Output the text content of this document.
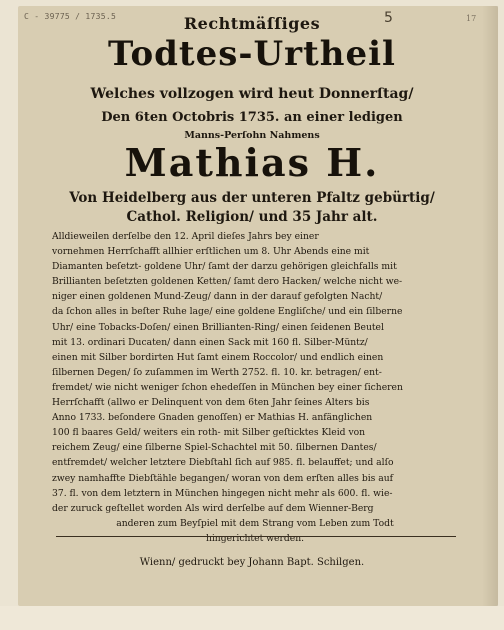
C - 39775 / 1735.5	5	17
Rechtmäſſiges
Todtes-Urtheil
Welches vollzogen wird heut Donnerſtag/
Den 6ten Octobris 1735. an einer ledigen
Manns-Perſohn Nahmens
Mathias H.
Von Heidelberg aus der unteren Pfaltz gebürtig/
Cathol. Religion/ und 35 Jahr alt.
Alldieweilen derſelbe den 12. April dieſes Jahrs bey einer
vornehmen Herrſchafft allhier erſtlichen um 8. Uhr Abends eine mit
Diamanten beſetzt- goldene Uhr/ ſamt der darzu gehörigen gleichfalls mit
Brillianten beſetzten goldenen Ketten/ ſamt dero Hacken/ welche nicht we-
niger einen goldenen Mund-Zeug/ dann in der darauf gefolgten Nacht/
da ſchon alles in beſter Ruhe lage/ eine goldene Engliſche/ und ein ſilberne
Uhr/ eine Tobacks-Doſen/ einen Brillianten-Ring/ einen ſeidenen Beutel
mit 13. ordinari Ducaten/ dann einen Sack mit 160 fl. Silber-Müntz/
einen mit Silber bordirten Hut ſamt einem Roccolor/ und endlich einen
ſilbernen Degen/ ſo zuſammen im Werth 2752. fl. 10. kr. betragen/ ent-
fremdet/ wie nicht weniger ſchon ehedeſſen in München bey einer ſicheren
Herrſchafft (allwo er Delinquent von dem 6ten Jahr ſeines Alters bis
Anno 1733. beſondere Gnaden genoſſen) er Mathias H. anfänglichen
100 fl baares Geld/ weiters ein roth- mit Silber geſticktes Kleid von
reichem Zeug/ eine ſilberne Spiel-Schachtel mit 50. ſilbernen Dantes/
entfremdet/ welcher letztere Diebſtahl ſich auf 985. fl. belauffet; und alſo
zwey namhaffte Diebſtähle begangen/ woran von dem erſten alles bis auf
37. fl. von dem letztern in München hingegen nicht mehr als 600. fl. wie-
der zuruck geſtellet worden Als wird derſelbe auf dem Wienner-Berg
anderen zum Beyſpiel mit dem Strang vom Leben zum Todt
hingerichtet werden.
Wienn/ gedruckt bey Johann Bapt. Schilgen.
